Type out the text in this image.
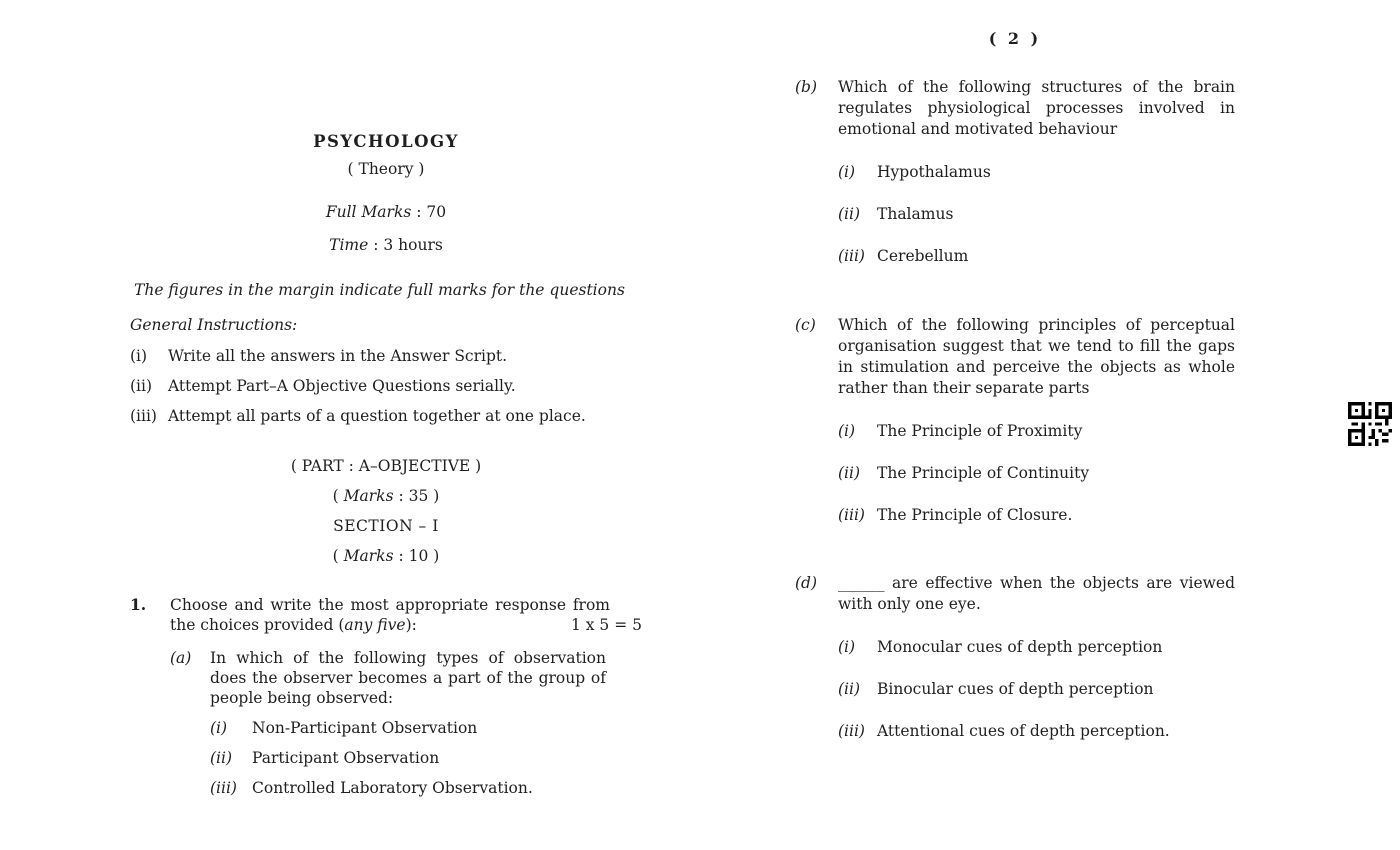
PSYCHOLOGY
( Theory )
Full Marks : 70
Time : 3 hours
The figures in the margin indicate full marks for the questions
General Instructions:
(i)	Write all the answers in the Answer Script.
(ii)	Attempt Part–A Objective Questions serially.
(iii) Attempt all parts of a question together at one place.
( PART : A–OBJECTIVE )
( Marks : 35 )
SECTION – I
( Marks : 10 )
1.	Choose and write the most appropriate response from the choices provided (any five):	1 x 5 = 5
(a)	In which of the following types of observation does the observer becomes a part of the group of people being observed:
(i)	Non-Participant Observation
(ii)	Participant Observation
(iii) Controlled Laboratory Observation.
( 2 )
(b)	Which of the following structures of the brain regulates physiological processes involved in emotional and motivated behaviour
(i)	Hypothalamus
(ii)	Thalamus
(iii) Cerebellum
(c)	Which of the following principles of perceptual organisation suggest that we tend to fill the gaps in stimulation and perceive the objects as whole rather than their separate parts
(i)	The Principle of Proximity
(ii)	The Principle of Continuity
(iii) The Principle of Closure.
(d)	______ are effective when the objects are viewed with only one eye.
(i)	Monocular cues of depth perception
(ii)	Binocular cues of depth perception
(iii) Attentional cues of depth perception.
